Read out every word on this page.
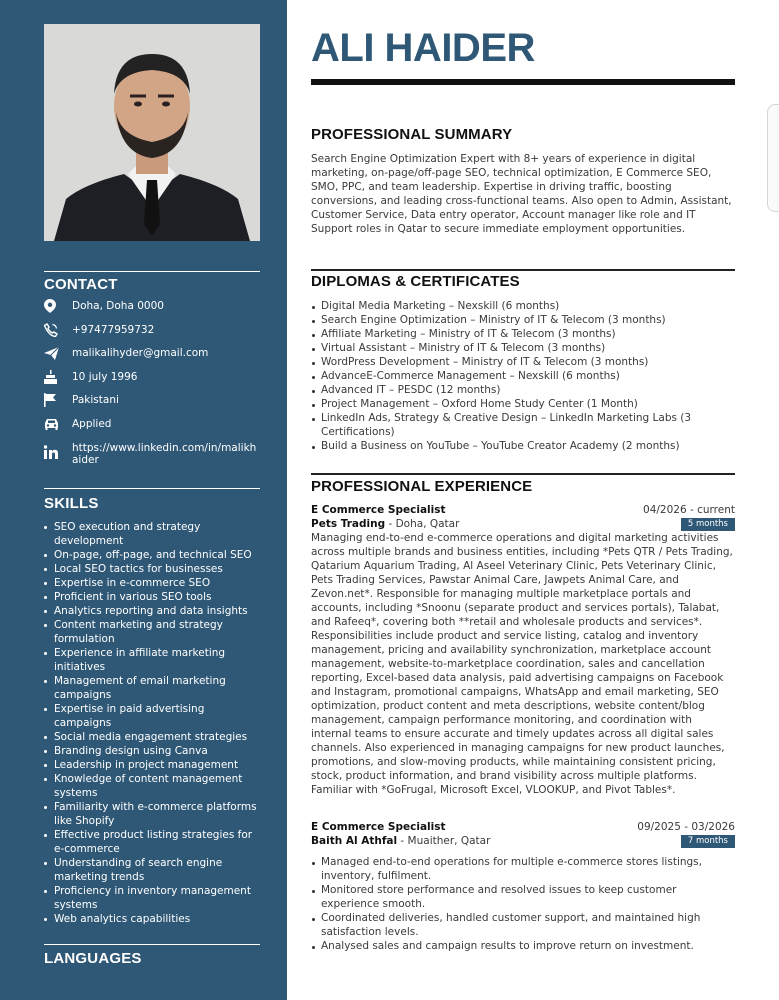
CONTACT
Doha, Doha 0000
+97477959732
malikalihyder@gmail.com
10 july 1996
Pakistani
Applied
https://www.linkedin.com/in/malikhaider
SKILLS
SEO execution and strategy development
On-page, off-page, and technical SEO
Local SEO tactics for businesses
Expertise in e-commerce SEO
Proficient in various SEO tools
Analytics reporting and data insights
Content marketing and strategy formulation
Experience in affiliate marketing initiatives
Management of email marketing campaigns
Expertise in paid advertising campaigns
Social media engagement strategies
Branding design using Canva
Leadership in project management
Knowledge of content management systems
Familiarity with e-commerce platforms like Shopify
Effective product listing strategies for e-commerce
Understanding of search engine marketing trends
Proficiency in inventory management systems
Web analytics capabilities
LANGUAGES
ALI HAIDER
PROFESSIONAL SUMMARY
Search Engine Optimization Expert with 8+ years of experience in digital marketing, on-page/off-page SEO, technical optimization, E Commerce SEO, SMO, PPC, and team leadership. Expertise in driving traffic, boosting conversions, and leading cross-functional teams. Also open to Admin, Assistant, Customer Service, Data entry operator, Account manager like role and IT Support roles in Qatar to secure immediate employment opportunities.
DIPLOMAS & CERTIFICATES
Digital Media Marketing – Nexskill (6 months)
Search Engine Optimization – Ministry of IT & Telecom (3 months)
Affiliate Marketing – Ministry of IT & Telecom (3 months)
Virtual Assistant – Ministry of IT & Telecom (3 months)
WordPress Development – Ministry of IT & Telecom (3 months)
AdvanceE-Commerce Management – Nexskill (6 months)
Advanced IT – PESDC (12 months)
Project Management – Oxford Home Study Center (1 Month)
LinkedIn Ads, Strategy & Creative Design – LinkedIn Marketing Labs (3 Certifications)
Build a Business on YouTube – YouTube Creator Academy (2 months)
PROFESSIONAL EXPERIENCE
E Commerce Specialist	04/2026 - current
Pets Trading - Doha, Qatar	5 months
Managing end-to-end e-commerce operations and digital marketing activities across multiple brands and business entities, including *Pets QTR / Pets Trading, Qatarium Aquarium Trading, Al Aseel Veterinary Clinic, Pets Veterinary Clinic, Pets Trading Services, Pawstar Animal Care, Jawpets Animal Care, and Zevon.net*. Responsible for managing multiple marketplace portals and accounts, including *Snoonu (separate product and services portals), Talabat, and Rafeeq*, covering both **retail and wholesale products and services*. Responsibilities include product and service listing, catalog and inventory management, pricing and availability synchronization, marketplace account management, website-to-marketplace coordination, sales and cancellation reporting, Excel-based data analysis, paid advertising campaigns on Facebook and Instagram, promotional campaigns, WhatsApp and email marketing, SEO optimization, product content and meta descriptions, website content/blog management, campaign performance monitoring, and coordination with internal teams to ensure accurate and timely updates across all digital sales channels. Also experienced in managing campaigns for new product launches, promotions, and slow-moving products, while maintaining consistent pricing, stock, product information, and brand visibility across multiple platforms. Familiar with *GoFrugal, Microsoft Excel, VLOOKUP, and Pivot Tables*.
E Commerce Specialist	09/2025 - 03/2026
Baith Al Athfal - Muaither, Qatar	7 months
Managed end-to-end operations for multiple e-commerce stores listings, inventory, fulfilment.
Monitored store performance and resolved issues to keep customer experience smooth.
Coordinated deliveries, handled customer support, and maintained high satisfaction levels.
Analysed sales and campaign results to improve return on investment.
